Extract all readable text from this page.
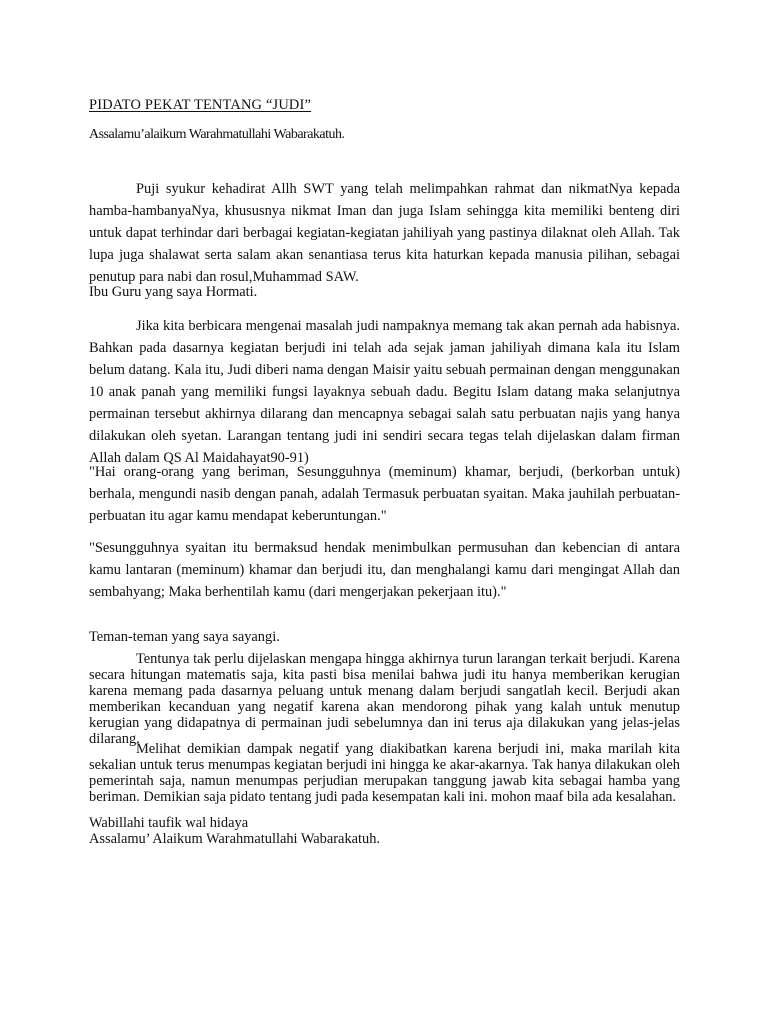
PIDATO PEKAT TENTANG “JUDI”
Assalamu’alaikum Warahmatullahi Wabarakatuh.
Puji syukur kehadirat Allh SWT yang telah melimpahkan rahmat dan nikmatNya kepada hamba-hambanyaNya, khususnya nikmat Iman dan juga Islam sehingga kita memiliki benteng diri untuk dapat terhindar dari berbagai kegiatan-kegiatan jahiliyah yang pastinya dilaknat oleh Allah. Tak lupa juga shalawat serta salam akan senantiasa terus kita haturkan kepada manusia pilihan, sebagai penutup para nabi dan rosul,Muhammad SAW.
Ibu Guru yang saya Hormati.
Jika kita berbicara mengenai masalah judi nampaknya memang tak akan pernah ada habisnya. Bahkan pada dasarnya kegiatan berjudi ini telah ada sejak jaman jahiliyah dimana kala itu Islam belum datang. Kala itu, Judi diberi nama dengan Maisir yaitu sebuah permainan dengan menggunakan 10 anak panah yang memiliki fungsi layaknya sebuah dadu. Begitu Islam datang maka selanjutnya permainan tersebut akhirnya dilarang dan mencapnya sebagai salah satu perbuatan najis yang hanya dilakukan oleh syetan. Larangan tentang judi ini sendiri secara tegas telah dijelaskan dalam firman Allah dalam QS Al Maidahayat90-91)
"Hai orang-orang yang beriman, Sesungguhnya (meminum) khamar, berjudi, (berkorban untuk) berhala, mengundi nasib dengan panah, adalah Termasuk perbuatan syaitan. Maka jauhilah perbuatan-perbuatan itu agar kamu mendapat keberuntungan."
"Sesungguhnya syaitan itu bermaksud hendak menimbulkan permusuhan dan kebencian di antara kamu lantaran (meminum) khamar dan berjudi itu, dan menghalangi kamu dari mengingat Allah dan sembahyang; Maka berhentilah kamu (dari mengerjakan pekerjaan itu)."
Teman-teman yang saya sayangi.
Tentunya tak perlu dijelaskan mengapa hingga akhirnya turun larangan terkait berjudi. Karena secara hitungan matematis saja, kita pasti bisa menilai bahwa judi itu hanya memberikan kerugian karena memang pada dasarnya peluang untuk menang dalam berjudi sangatlah kecil. Berjudi akan memberikan kecanduan yang negatif karena akan mendorong pihak yang kalah untuk menutup kerugian yang didapatnya di permainan judi sebelumnya dan ini terus aja dilakukan yang jelas-jelas dilarang.
Melihat demikian dampak negatif yang diakibatkan karena berjudi ini, maka marilah kita sekalian untuk terus menumpas kegiatan berjudi ini hingga ke akar-akarnya. Tak hanya dilakukan oleh pemerintah saja, namun menumpas perjudian merupakan tanggung jawab kita sebagai hamba yang beriman. Demikian saja pidato tentang judi pada kesempatan kali ini. mohon maaf bila ada kesalahan.
Wabillahi taufik wal hidaya
Assalamu’ Alaikum Warahmatullahi Wabarakatuh.
